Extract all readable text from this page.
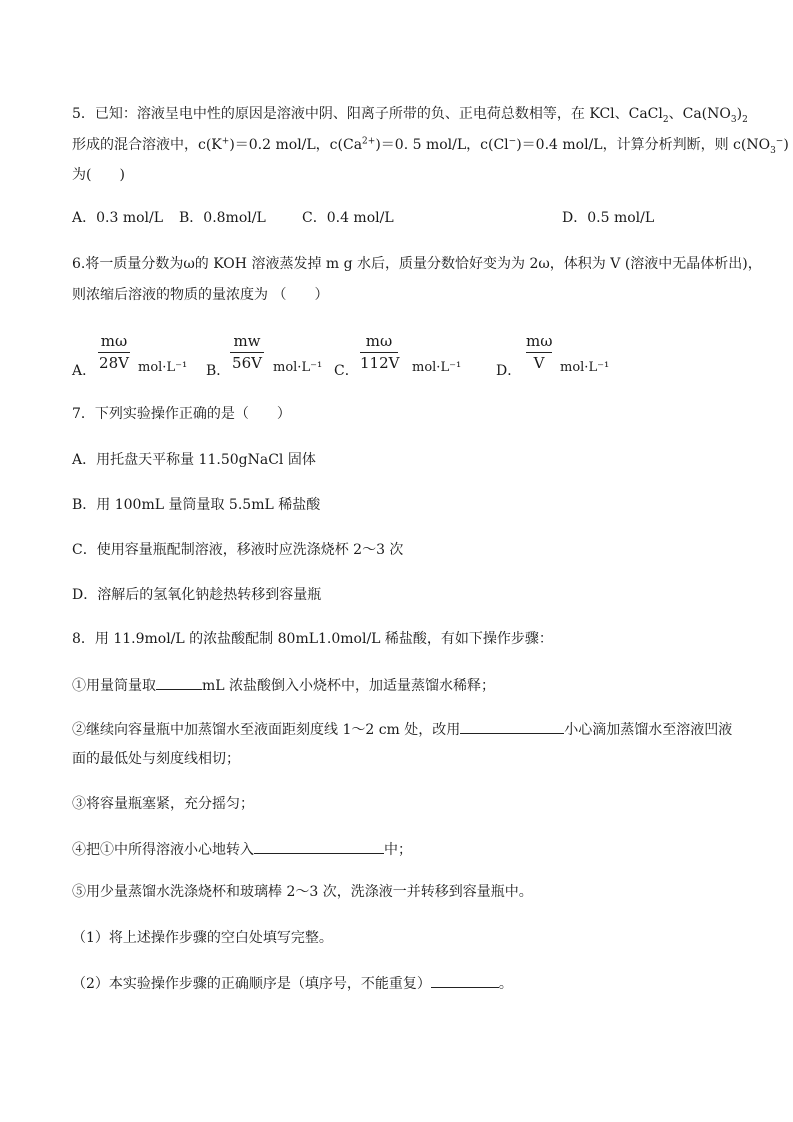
5．已知：溶液呈电中性的原因是溶液中阴、阳离子所带的负、正电荷总数相等，在 KCl、CaCl$_2$、$Ca(NO_3)_2$
形成的混合溶液中，c(K+)＝0.2 mol/L，$c(Ca^{2+})=0$. 5 mol/L，c(Cl−)＝0.4 mol/L，计算分析判断，则 $c(NO_3^-)$
为(　　)
A．0.3 mol/L B．0.8mol/L	C．0.4 mol/L	D．0.5 mol/L
6.将一质量分数为ω的 KOH 溶液蒸发掉 m g 水后，质量分数恰好变为为 2ω，体积为 V (溶液中无晶体析出)，
则浓缩后溶液的物质的量浓度为 （　　）
A．
mω
28V mol·L⁻¹ B．
mw
56V mol·L⁻¹ C．
mω
112V mol·L⁻¹ D．
mω
V	mol·L⁻¹
7．下列实验操作正确的是（　　）
A．用托盘天平称量 11.50gNaCl 固体
B．用 100mL 量筒量取 5.5mL 稀盐酸
C．使用容量瓶配制溶液，移液时应洗涤烧杯 2～3 次
D．溶解后的氢氧化钠趁热转移到容量瓶
8．用 11.9mol/L 的浓盐酸配制 80mL1.0mol/L 稀盐酸，有如下操作步骤：
①用量筒量取	mL 浓盐酸倒入小烧杯中，加适量蒸馏水稀释；
②继续向容量瓶中加蒸馏水至液面距刻度线 1～2 cm 处，改用	小心滴加蒸馏水至溶液凹液
面的最低处与刻度线相切；
③将容量瓶塞紧，充分摇匀；
④把①中所得溶液小心地转入	中；
⑤用少量蒸馏水洗涤烧杯和玻璃棒 2～3 次，洗涤液一并转移到容量瓶中。
（1）将上述操作步骤的空白处填写完整。
（2）本实验操作步骤的正确顺序是（填序号，不能重复）	。
